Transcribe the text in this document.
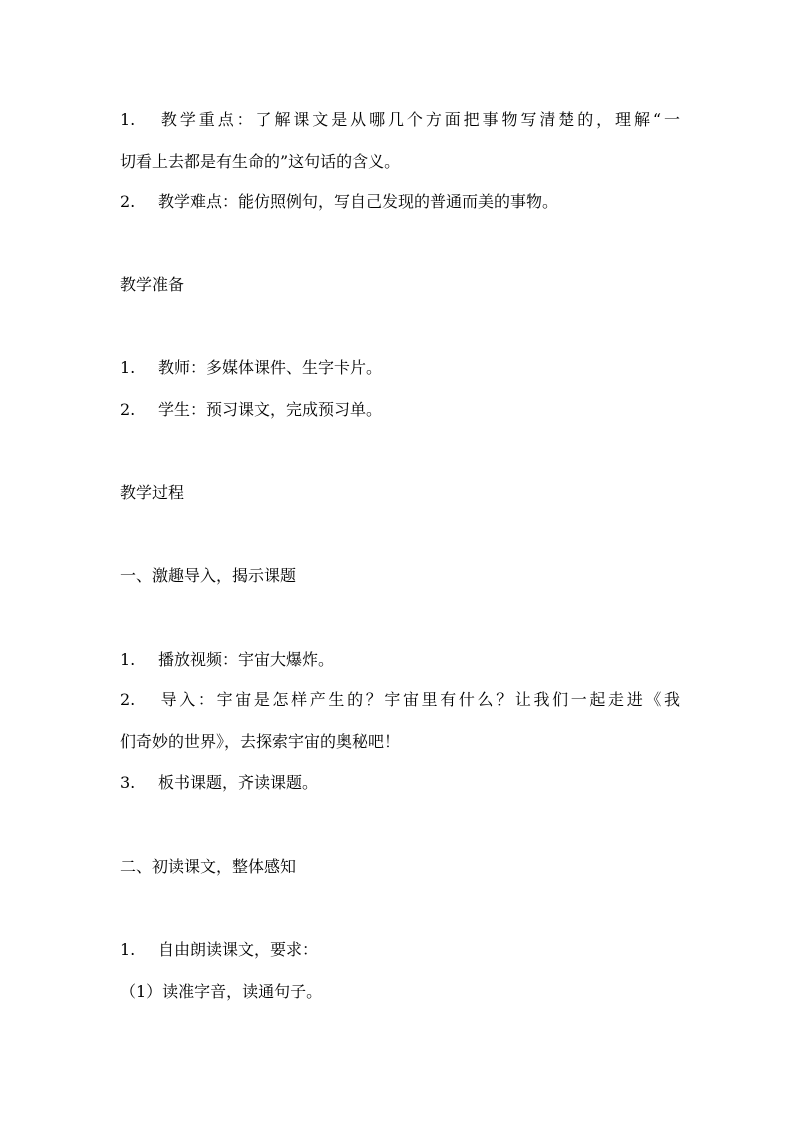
1. 教学重点：了解课文是从哪几个方面把事物写清楚的，理解“一
切看上去都是有生命的”这句话的含义。
2. 教学难点：能仿照例句，写自己发现的普通而美的事物。
教学准备
1. 教师：多媒体课件、生字卡片。
2. 学生：预习课文，完成预习单。
教学过程
一、激趣导入，揭示课题
1. 播放视频：宇宙大爆炸。
2. 导入：宇宙是怎样产生的？宇宙里有什么？让我们一起走进《我
们奇妙的世界》，去探索宇宙的奥秘吧！
3. 板书课题，齐读课题。
二、初读课文，整体感知
1. 自由朗读课文，要求：
（1）读准字音，读通句子。
